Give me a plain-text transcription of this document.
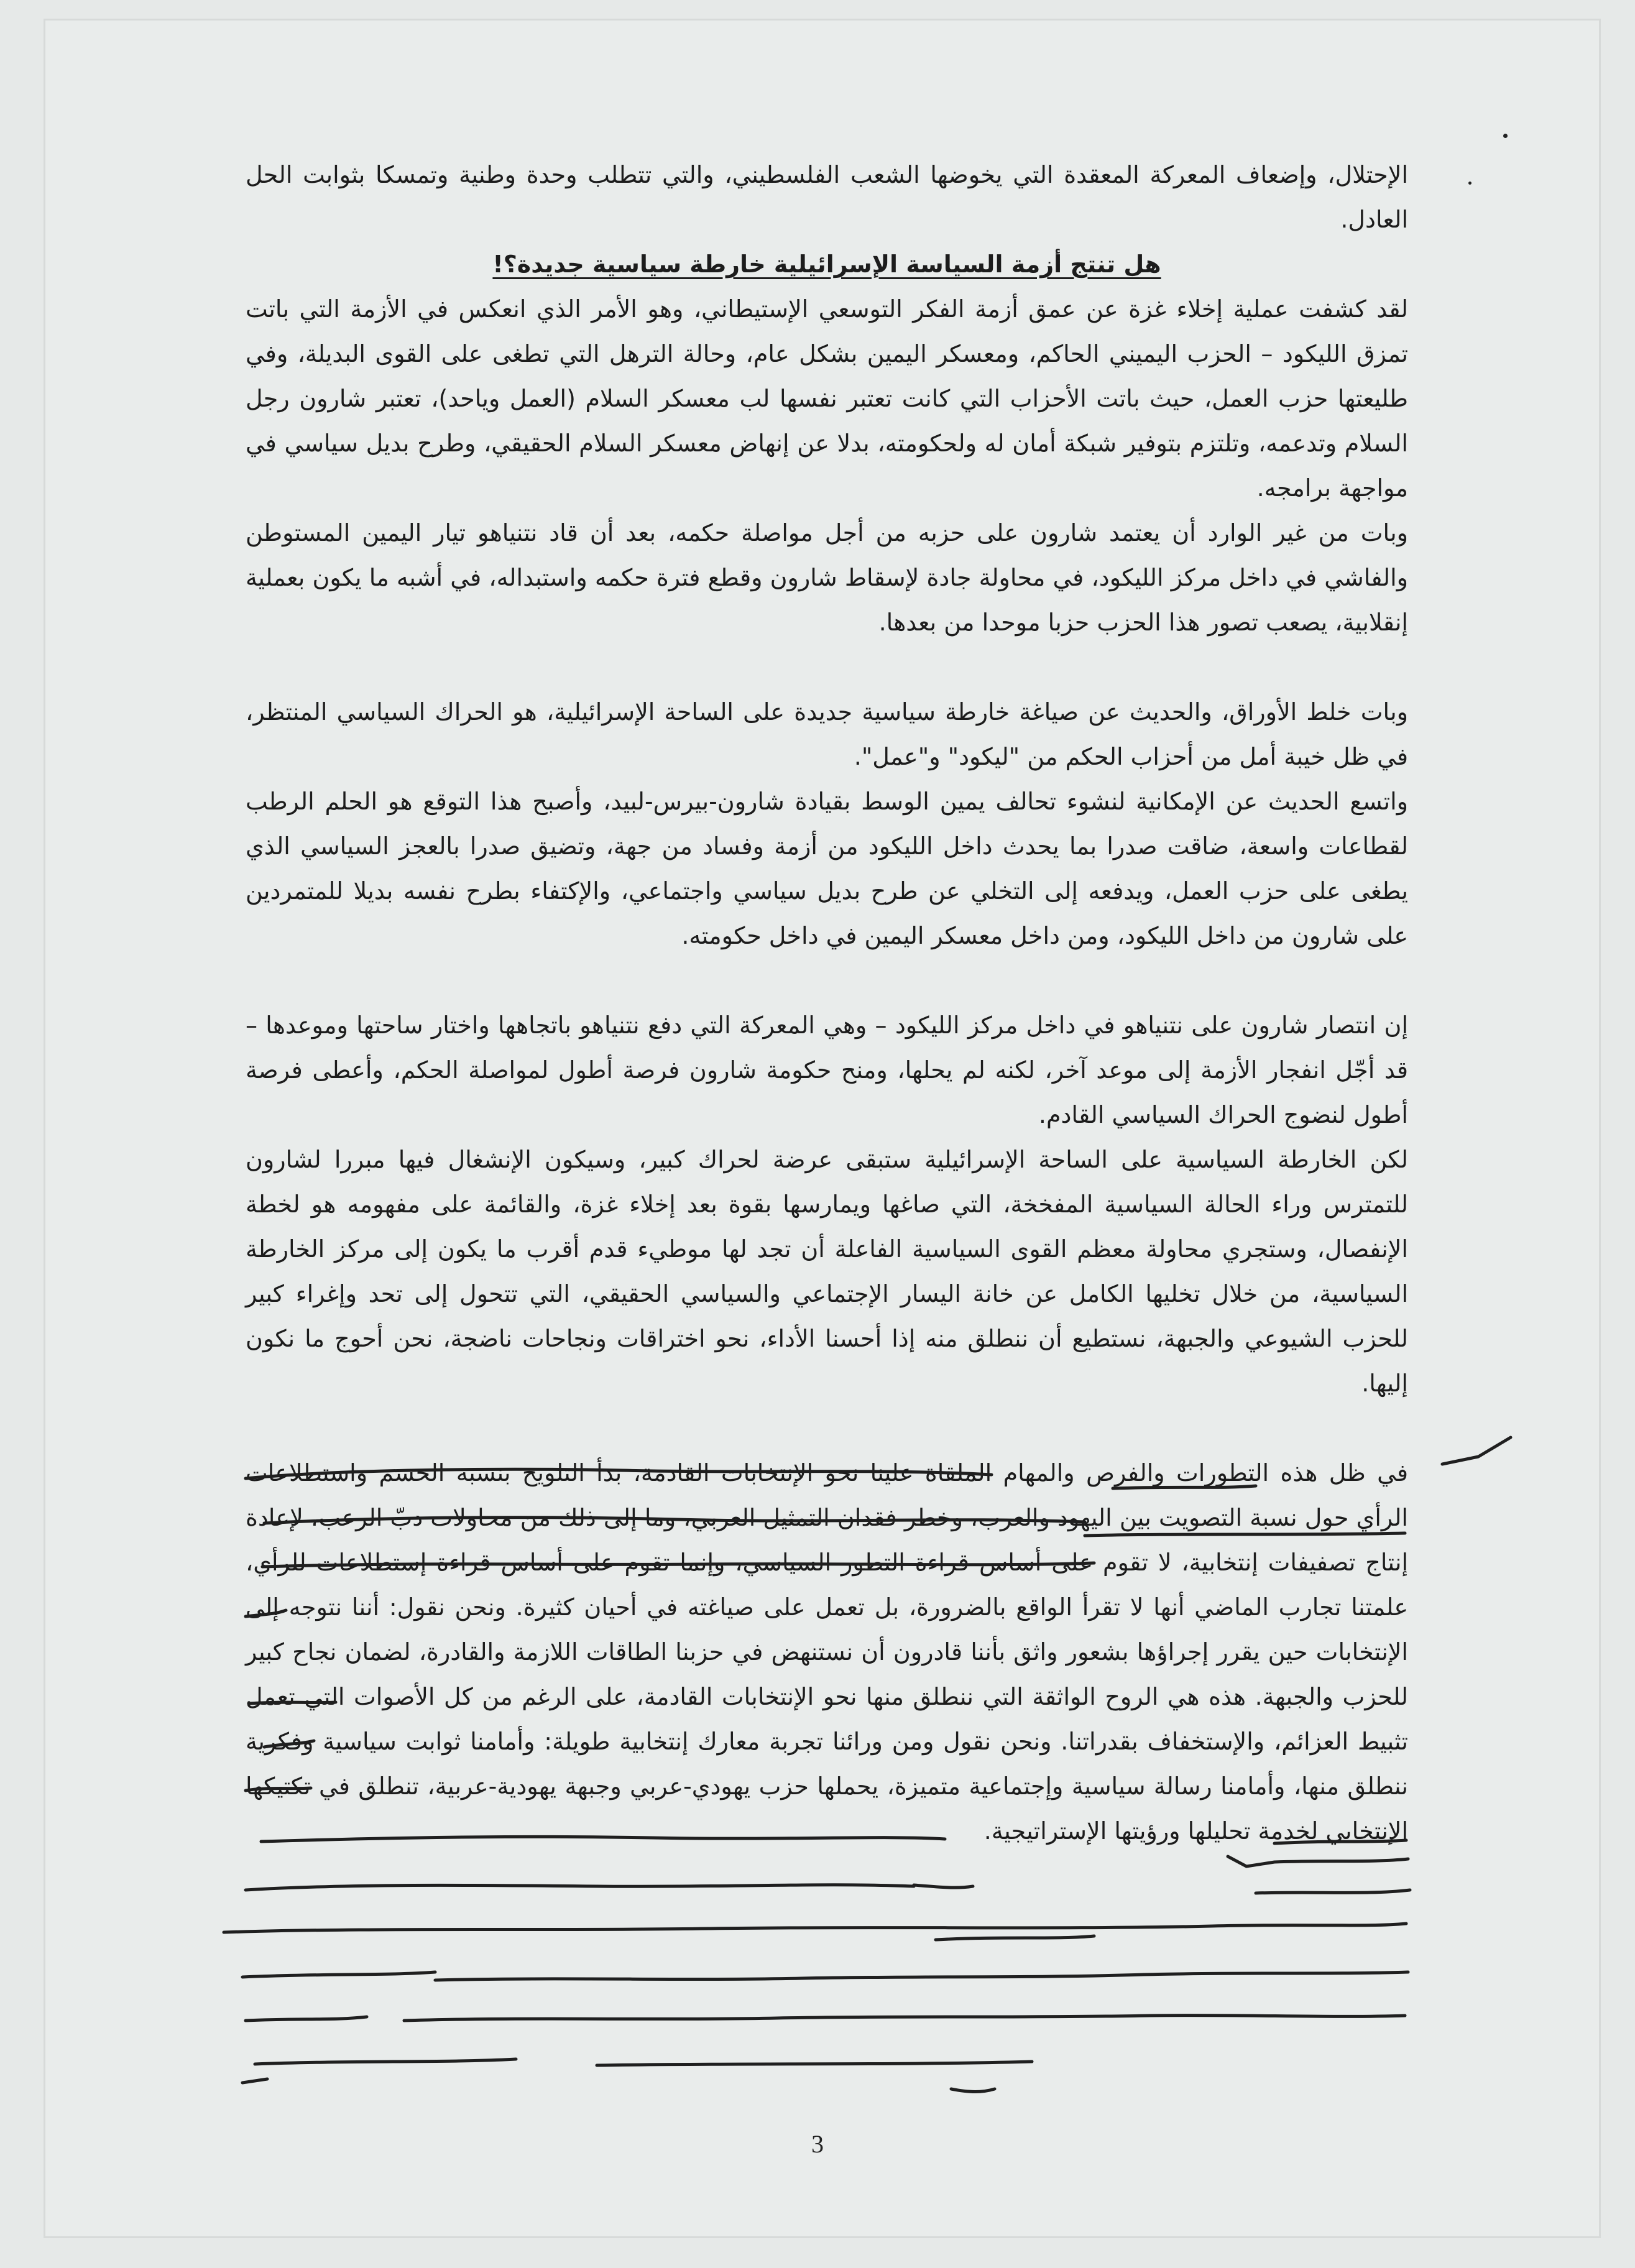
الإحتلال، وإضعاف المعركة المعقدة التي يخوضها الشعب الفلسطيني، والتي تتطلب وحدة وطنية وتمسكا بثوابت الحل العادل.

هل تنتج أزمة السياسة الإسرائيلية خارطة سياسية جديدة؟!

لقد كشفت عملية إخلاء غزة عن عمق أزمة الفكر التوسعي الإستيطاني، وهو الأمر الذي انعكس في الأزمة التي باتت تمزق الليكود – الحزب اليميني الحاكم، ومعسكر اليمين بشكل عام، وحالة الترهل التي تطغى على القوى البديلة، وفي طليعتها حزب العمل، حيث باتت الأحزاب التي كانت تعتبر نفسها لب معسكر السلام (العمل وياحد)، تعتبر شارون رجل السلام وتدعمه، وتلتزم بتوفير شبكة أمان له ولحكومته، بدلا عن إنهاض معسكر السلام الحقيقي، وطرح بديل سياسي في مواجهة برامجه.

وبات من غير الوارد أن يعتمد شارون على حزبه من أجل مواصلة حكمه، بعد أن قاد نتنياهو تيار اليمين المستوطن والفاشي في داخل مركز الليكود، في محاولة جادة لإسقاط شارون وقطع فترة حكمه واستبداله، في أشبه ما يكون بعملية إنقلابية، يصعب تصور هذا الحزب حزبا موحدا من بعدها.

وبات خلط الأوراق، والحديث عن صياغة خارطة سياسية جديدة على الساحة الإسرائيلية، هو الحراك السياسي المنتظر، في ظل خيبة أمل من أحزاب الحكم من "ليكود" و"عمل".

واتسع الحديث عن الإمكانية لنشوء تحالف يمين الوسط بقيادة شارون-بيرس-لبيد، وأصبح هذا التوقع هو الحلم الرطب لقطاعات واسعة، ضاقت صدرا بما يحدث داخل الليكود من أزمة وفساد من جهة، وتضيق صدرا بالعجز السياسي الذي يطغى على حزب العمل، ويدفعه إلى التخلي عن طرح بديل سياسي واجتماعي، والإكتفاء بطرح نفسه بديلا للمتمردين على شارون من داخل الليكود، ومن داخل معسكر اليمين في داخل حكومته.

إن انتصار شارون على نتنياهو في داخل مركز الليكود – وهي المعركة التي دفع نتنياهو باتجاهها واختار ساحتها وموعدها – قد أجّل انفجار الأزمة إلى موعد آخر، لكنه لم يحلها، ومنح حكومة شارون فرصة أطول لمواصلة الحكم، وأعطى فرصة أطول لنضوج الحراك السياسي القادم.

لكن الخارطة السياسية على الساحة الإسرائيلية ستبقى عرضة لحراك كبير، وسيكون الإنشغال فيها مبررا لشارون للتمترس وراء الحالة السياسية المفخخة، التي صاغها ويمارسها بقوة بعد إخلاء غزة، والقائمة على مفهومه هو لخطة الإنفصال، وستجري محاولة معظم القوى السياسية الفاعلة أن تجد لها موطيء قدم أقرب ما يكون إلى مركز الخارطة السياسية، من خلال تخليها الكامل عن خانة اليسار الإجتماعي والسياسي الحقيقي، التي تتحول إلى تحد وإغراء كبير للحزب الشيوعي والجبهة، نستطيع أن ننطلق منه إذا أحسنا الأداء، نحو اختراقات ونجاحات ناضجة، نحن أحوج ما نكون إليها.

في ظل هذه التطورات والفرص والمهام الملقاة علينا نحو الإنتخابات القادمة، بدأ التلويح بنسبة الحسم واستطلاعات الرأي حول نسبة التصويت بين اليهود والعرب، وخطر فقدان التمثيل العربي، وما إلى ذلك من محاولات دبّ الرعب، لإعادة إنتاج تصفيفات إنتخابية، لا تقوم على أساس قراءة التطور السياسي، وإنما تقوم على أساس قراءة إستطلاعات للرأي، علمتنا تجارب الماضي أنها لا تقرأ الواقع بالضرورة، بل تعمل على صياغته في أحيان كثيرة. ونحن نقول: أننا نتوجه إلى الإنتخابات حين يقرر إجراؤها بشعور واثق بأننا قادرون أن نستنهض في حزبنا الطاقات اللازمة والقادرة، لضمان نجاح كبير للحزب والجبهة. هذه هي الروح الواثقة التي ننطلق منها نحو الإنتخابات القادمة، على الرغم من كل الأصوات التي تعمل تثبيط العزائم، والإستخفاف بقدراتنا. ونحن نقول ومن ورائنا تجربة معارك إنتخابية طويلة: وأمامنا ثوابت سياسية وفكرية ننطلق منها، وأمامنا رسالة سياسية وإجتماعية متميزة، يحملها حزب يهودي-عربي وجبهة يهودية-عربية، تنطلق في تكتيكها الإنتخابي لخدمة تحليلها ورؤيتها الإستراتيجية.

3
